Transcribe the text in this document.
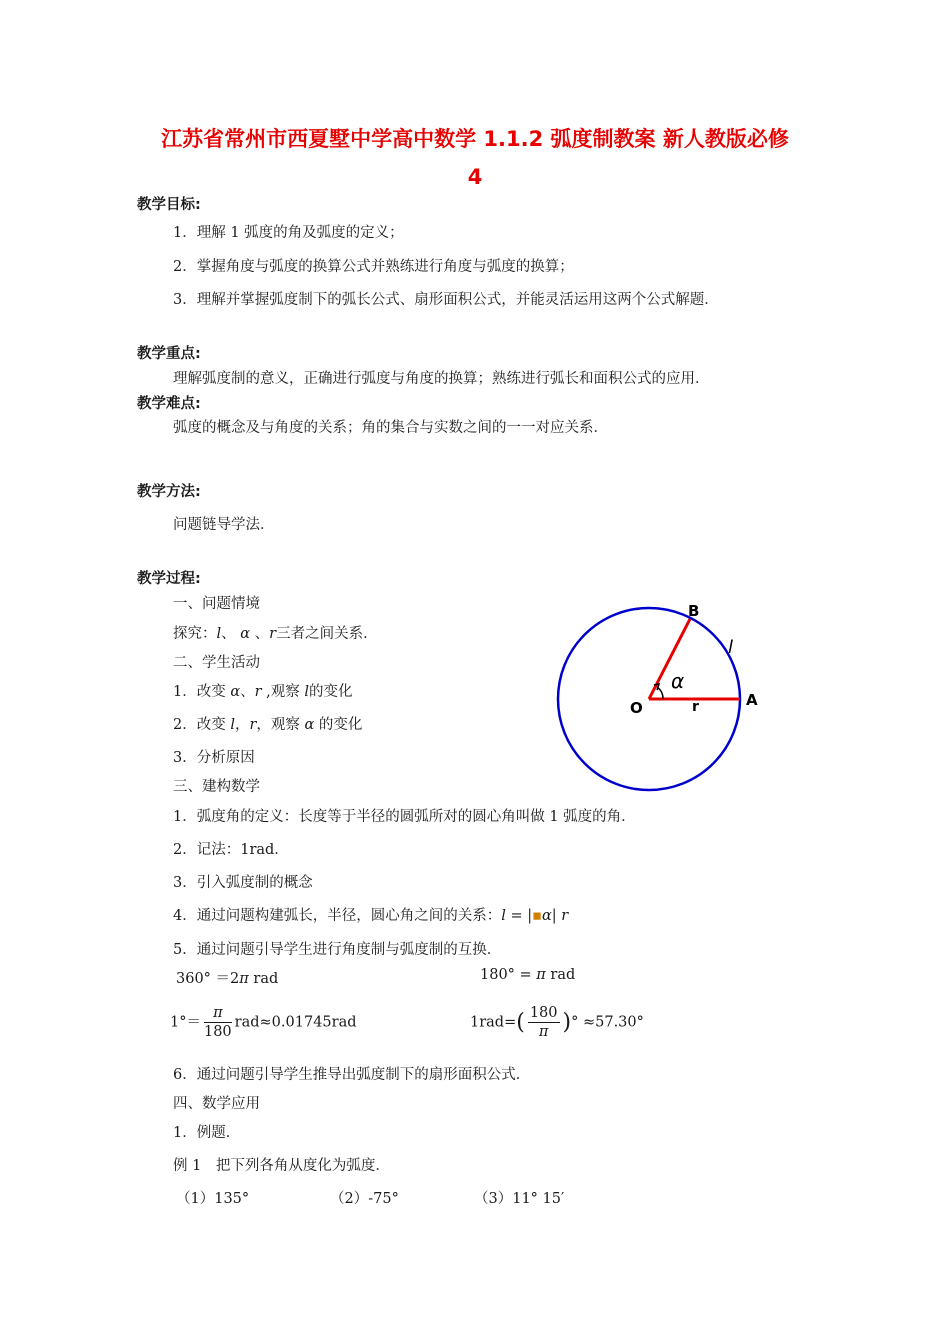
江苏省常州市西夏墅中学高中数学 1.1.2 弧度制教案 新人教版必修
4
教学目标:
1．理解 1 弧度的角及弧度的定义；
2．掌握角度与弧度的换算公式并熟练进行角度与弧度的换算；
3．理解并掌握弧度制下的弧长公式、扇形面积公式，并能灵活运用这两个公式解题．
教学重点:
理解弧度制的意义，正确进行弧度与角度的换算；熟练进行弧长和面积公式的应用．
教学难点:
弧度的概念及与角度的关系；角的集合与实数之间的一一对应关系．
教学方法:
问题链导学法．
教学过程:
一、问题情境
探究：l、 α 、r三者之间关系．
二、学生活动
1．改变 α、r ,观察 l的变化
2．改变 l，r，观察 α 的变化
3．分析原因
三、建构数学
1．弧度角的定义：长度等于半径的圆弧所对的圆心角叫做 1 弧度的角．
2．记法：1rad．
3．引入弧度制的概念
4．通过问题构建弧长，半径，圆心角之间的关系：l = |▪α| r
5．通过问题引导学生进行角度制与弧度制的互换．
360° ＝2π rad	180° = π rad
$1^\circ= \frac{\pi}{180} rad\approx 0.01745rad$	$1rad=( \frac{180}{\pi}$ )° ≈57.30°
6．通过问题引导学生推导出弧度制下的扇形面积公式．
四、数学应用
1．例题．
例 1　把下列各角从度化为弧度．
（1）135°	（2）-75°	（3）11° 15′
B
l
α
A
O	r
